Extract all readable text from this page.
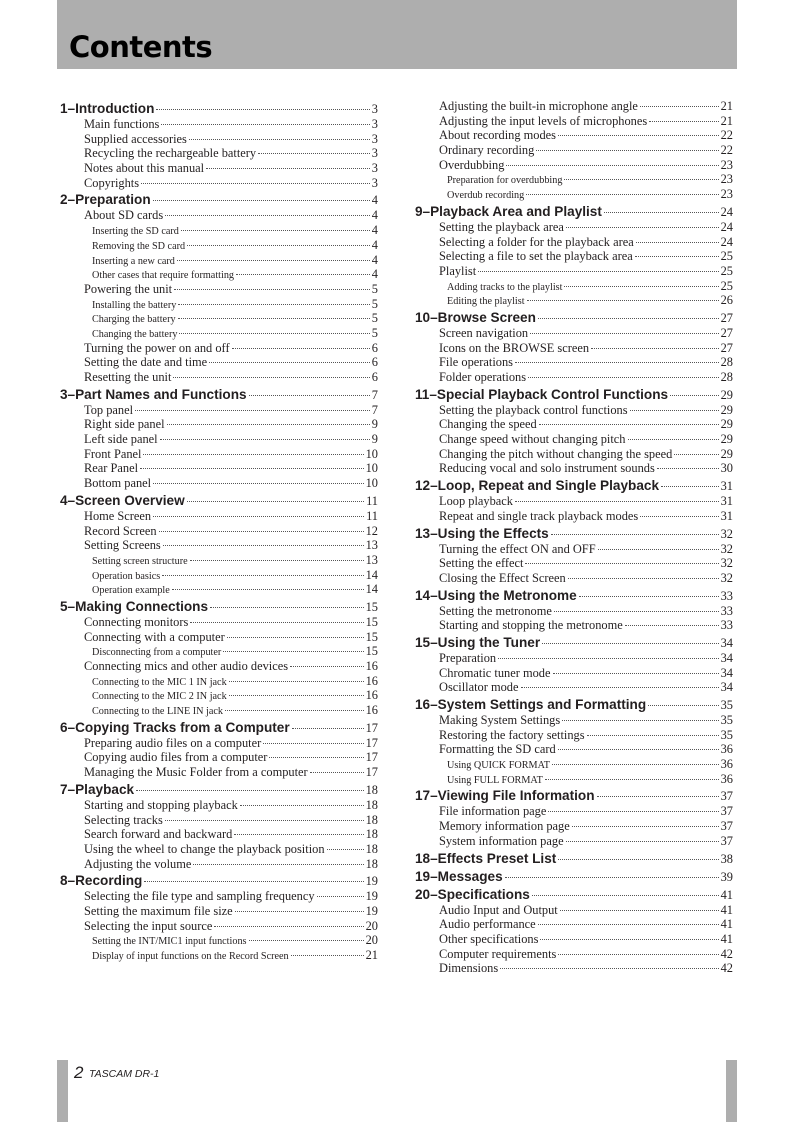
Contents
1–Introduction	3
Main functions	3
Supplied accessories	3
Recycling the rechargeable battery	3
Notes about this manual	3
Copyrights	3
2–Preparation	4
About SD cards	4
Inserting the SD card	4
Removing the SD card	4
Inserting a new card	4
Other cases that require formatting	4
Powering the unit	5
Installing the battery	5
Charging the battery	5
Changing the battery	5
Turning the power on and off	6
Setting the date and time	6
Resetting the unit	6
3–Part Names and Functions	7
Top panel	7
Right side panel	9
Left side panel	9
Front Panel	10
Rear Panel	10
Bottom panel	10
4–Screen Overview	11
Home Screen	11
Record Screen	12
Setting Screens	13
Setting screen structure	13
Operation basics	14
Operation example	14
5–Making Connections	15
Connecting monitors	15
Connecting with a computer	15
Disconnecting from a computer	15
Connecting mics and other audio devices	16
Connecting to the MIC 1 IN jack	16
Connecting to the MIC 2 IN jack	16
Connecting to the LINE IN jack	16
6–Copying Tracks from a Computer	17
Preparing audio files on a computer	17
Copying audio files from a computer	17
Managing the Music Folder from a computer	17
7–Playback	18
Starting and stopping playback	18
Selecting tracks	18
Search forward and backward	18
Using the wheel to change the playback position	18
Adjusting the volume	18
8–Recording	19
Selecting the file type and sampling frequency	19
Setting the maximum file size	19
Selecting the input source	20
Setting the INT/MIC1 input functions	20
Display of input functions on the Record Screen	21
Adjusting the built-in microphone angle	21
Adjusting the input levels of microphones	21
About recording modes	22
Ordinary recording	22
Overdubbing	23
Preparation for overdubbing	23
Overdub recording	23
9–Playback Area and Playlist	24
Setting the playback area	24
Selecting a folder for the playback area	24
Selecting a file to set the playback area	25
Playlist	25
Adding tracks to the playlist	25
Editing the playlist	26
10–Browse Screen	27
Screen navigation	27
Icons on the BROWSE screen	27
File operations	28
Folder operations	28
11–Special Playback Control Functions	29
Setting the playback control functions	29
Changing the speed	29
Change speed without changing pitch	29
Changing the pitch without changing the speed	29
Reducing vocal and solo instrument sounds	30
12–Loop, Repeat and Single Playback	31
Loop playback	31
Repeat and single track playback modes	31
13–Using the Effects	32
Turning the effect ON and OFF	32
Setting the effect	32
Closing the Effect Screen	32
14–Using the Metronome	33
Setting the metronome	33
Starting and stopping the metronome	33
15–Using the Tuner	34
Preparation	34
Chromatic tuner mode	34
Oscillator mode	34
16–System Settings and Formatting	35
Making System Settings	35
Restoring the factory settings	35
Formatting the SD card	36
Using QUICK FORMAT	36
Using FULL FORMAT	36
17–Viewing File Information	37
File information page	37
Memory information page	37
System information page	37
18–Effects Preset List	38
19–Messages	39
20–Specifications	41
Audio Input and Output	41
Audio performance	41
Other specifications	41
Computer requirements	42
Dimensions	42
2 TASCAM DR-1
